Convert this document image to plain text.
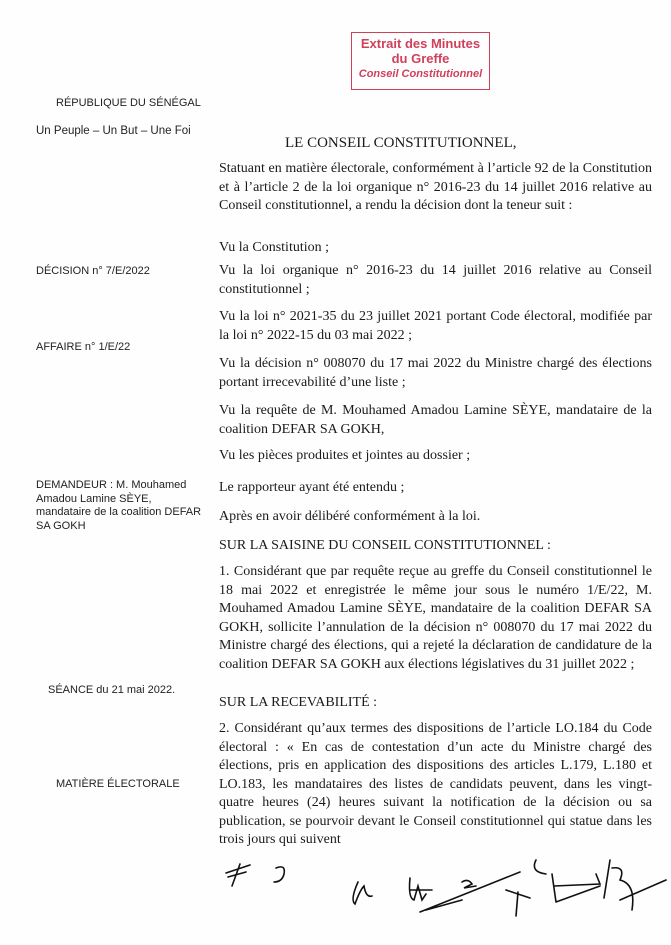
Extrait des Minutes
du Greffe
Conseil Constitutionnel
RÉPUBLIQUE DU SÉNÉGAL
Un Peuple – Un But – Une Foi
LE CONSEIL CONSTITUTIONNEL,
Statuant en matière électorale, conformément à l’article 92 de la Constitution et à l’article 2 de la loi organique n° 2016-23 du 14 juillet 2016 relative au Conseil constitutionnel, a rendu la décision dont la teneur suit :
Vu la Constitution ;
DÉCISION n° 7/E/2022	Vu la loi organique n° 2016-23 du 14 juillet 2016 relative au Conseil constitutionnel ;
Vu la loi n° 2021-35 du 23 juillet 2021 portant Code électoral, modifiée par la loi n° 2022-15 du 03 mai 2022 ;
AFFAIRE n° 1/E/22
Vu la décision n° 008070 du 17 mai 2022 du Ministre chargé des élections portant irrecevabilité d’une liste ;
Vu la requête de M. Mouhamed Amadou Lamine SÈYE, mandataire de la coalition DEFAR SA GOKH,
Vu les pièces produites et jointes au dossier ;
DEMANDEUR : M. Mouhamed Amadou Lamine SÈYE, mandataire de la coalition DEFAR SA GOKH
Le rapporteur ayant été entendu ;
Après en avoir délibéré conformément à la loi.
SUR LA SAISINE DU CONSEIL CONSTITUTIONNEL :
1. Considérant que par requête reçue au greffe du Conseil constitutionnel le 18 mai 2022 et enregistrée le même jour sous le numéro 1/E/22, M. Mouhamed Amadou Lamine SÈYE, mandataire de la coalition DEFAR SA GOKH, sollicite l’annulation de la décision n° 008070 du 17 mai 2022 du Ministre chargé des élections, qui a rejeté la déclaration de candidature de la coalition DEFAR SA GOKH aux élections législatives du 31 juillet 2022 ;
SÉANCE du 21 mai 2022.
SUR LA RECEVABILITÉ :
2. Considérant qu’aux termes des dispositions de l’article LO.184 du Code électoral : « En cas de contestation d’un acte du Ministre chargé des élections, pris en application des dispositions des articles L.179, L.180 et LO.183, les mandataires des listes de candidats peuvent, dans les vingt-quatre heures (24) heures suivant la notification de la décision ou sa publication, se pourvoir devant le Conseil constitutionnel qui statue dans les trois jours qui suivent
MATIÈRE ÉLECTORALE
